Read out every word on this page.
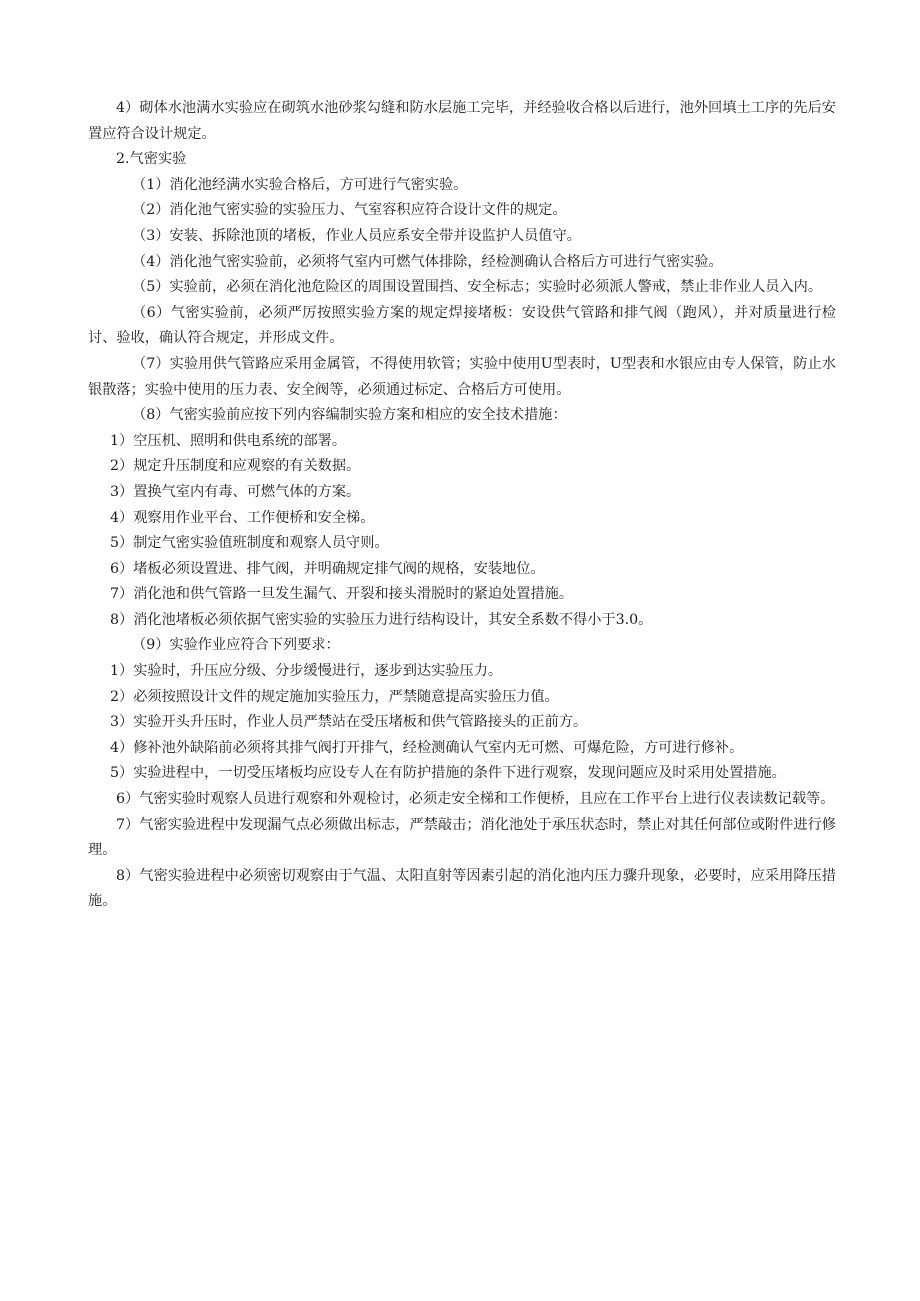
4）砌体水池满水实验应在砌筑水池砂浆勾缝和防水层施工完毕，并经验收合格以后进行，池外回填土工序的先后安置应符合设计规定。

2.气密实验

（1）消化池经满水实验合格后，方可进行气密实验。

（2）消化池气密实验的实验压力、气室容积应符合设计文件的规定。

（3）安装、拆除池顶的堵板，作业人员应系安全带并设监护人员值守。

（4）消化池气密实验前，必须将气室内可燃气体排除，经检测确认合格后方可进行气密实验。

（5）实验前，必须在消化池危险区的周围设置围挡、安全标志；实验时必须派人警戒，禁止非作业人员入内。

（6）气密实验前，必须严厉按照实验方案的规定焊接堵板：安设供气管路和排气阀（跑风），并对质量进行检讨、验收，确认符合规定，并形成文件。

（7）实验用供气管路应采用金属管，不得使用软管；实验中使用U型表时，U型表和水银应由专人保管，防止水银散落；实验中使用的压力表、安全阀等，必须通过标定、合格后方可使用。

（8）气密实验前应按下列内容编制实验方案和相应的安全技术措施：

1）空压机、照明和供电系统的部署。

2）规定升压制度和应观察的有关数据。

3）置换气室内有毒、可燃气体的方案。

4）观察用作业平台、工作便桥和安全梯。

5）制定气密实验值班制度和观察人员守则。

6）堵板必须设置进、排气阀，并明确规定排气阀的规格，安装地位。

7）消化池和供气管路一旦发生漏气、开裂和接头滑脱时的紧迫处置措施。

8）消化池堵板必须依据气密实验的实验压力进行结构设计，其安全系数不得小于3.0。

（9）实验作业应符合下列要求：

1）实验时，升压应分级、分步缓慢进行，逐步到达实验压力。

2）必须按照设计文件的规定施加实验压力，严禁随意提高实验压力值。

3）实验开头升压时，作业人员严禁站在受压堵板和供气管路接头的正前方。

4）修补池外缺陷前必须将其排气阀打开排气，经检测确认气室内无可燃、可爆危险，方可进行修补。

5）实验进程中，一切受压堵板均应设专人在有防护措施的条件下进行观察，发现问题应及时采用处置措施。

6）气密实验时观察人员进行观察和外观检讨，必须走安全梯和工作便桥，且应在工作平台上进行仪表读数记载等。

7）气密实验进程中发现漏气点必须做出标志，严禁敲击；消化池处于承压状态时，禁止对其任何部位或附件进行修理。

8）气密实验进程中必须密切观察由于气温、太阳直射等因素引起的消化池内压力骤升现象，必要时，应采用降压措施。
